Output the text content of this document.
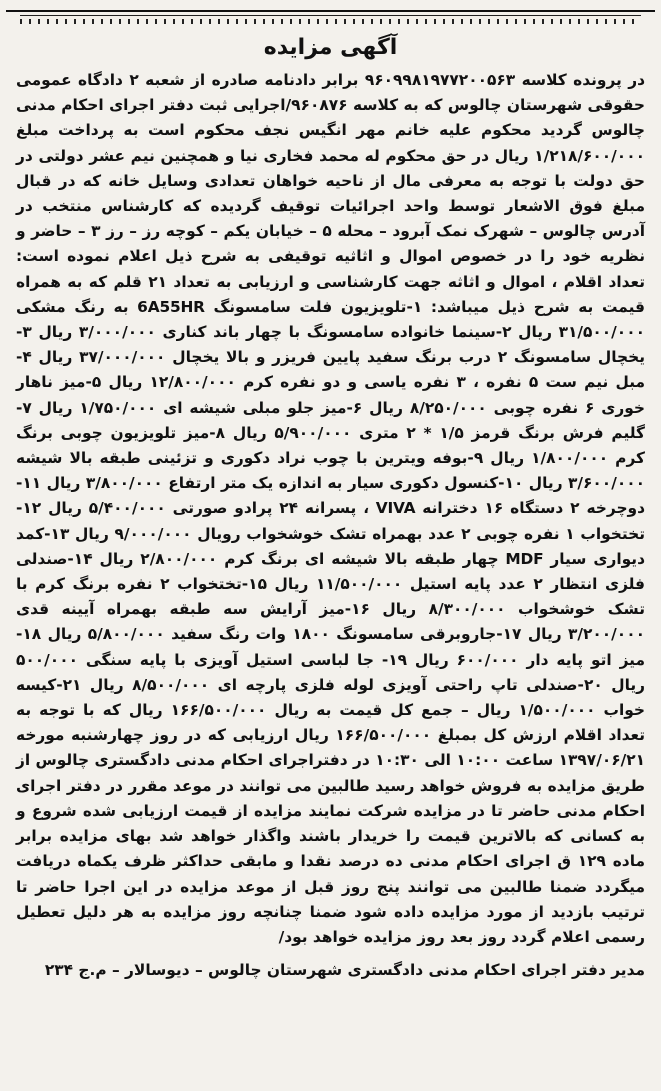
آگهی مزایده

در پرونده کلاسه ۹۶۰۹۹۸۱۹۷۷۲۰۰۵۶۳ برابر دادنامه صادره از شعبه ۲ دادگاه عمومی حقوقی شهرستان چالوس که به کلاسه ۹۶۰۸۷۶/اجرایی ثبت دفتر اجرای احکام مدنی چالوس گردید محکوم علیه خانم مهر انگیس نجف محکوم است به پرداخت مبلغ ۱/۲۱۸/۶۰۰/۰۰۰ ریال در حق محکوم له محمد فخاری نیا و همچنین نیم عشر دولتی در حق دولت با توجه به معرفی مال از ناحیه خواهان تعدادی وسایل خانه که در قبال مبلغ فوق الاشعار توسط واحد اجرائیات توقیف گردیده که کارشناس منتخب در آدرس چالوس – شهرک نمک آبرود – محله ۵ – خیابان یکم – کوچه رز – رز ۳ – حاضر و نظریه خود را در خصوص اموال و اثاثیه توقیفی به شرح ذیل اعلام نموده است: تعداد اقلام ، اموال و اثاثه جهت کارشناسی و ارزیابی به تعداد ۲۱ قلم که به همراه قیمت به شرح ذیل میباشد: ۱-تلویزیون فلت سامسونگ 6A55HR به رنگ مشکی ۳۱/۵۰۰/۰۰۰ ریال ۲-سینما خانواده سامسونگ با چهار باند کناری ۳/۰۰۰/۰۰۰ ریال ۳-یخچال سامسونگ ۲ درب برنگ سفید پایین فریزر و بالا یخچال ۳۷/۰۰۰/۰۰۰ ریال ۴-مبل نیم ست ۵ نفره ، ۳ نفره یاسی و دو نفره کرم ۱۲/۸۰۰/۰۰۰ ریال ۵-میز ناهار خوری ۶ نفره چوبی ۸/۲۵۰/۰۰۰ ریال ۶-میز جلو مبلی شیشه ای ۱/۷۵۰/۰۰۰ ریال ۷-گلیم فرش برنگ قرمز ۱/۵ * ۲ متری ۵/۹۰۰/۰۰۰ ریال ۸-میز تلویزیون چوبی برنگ کرم ۱/۸۰۰/۰۰۰ ریال ۹-بوفه ویترین با چوب نراد دکوری و تزئینی طبقه بالا شیشه ۳/۶۰۰/۰۰۰ ریال ۱۰-کنسول دکوری سیار به اندازه یک متر ارتفاع ۳/۸۰۰/۰۰۰ ریال ۱۱-دوچرخه ۲ دستگاه ۱۶ دخترانه VIVA ، پسرانه ۲۴ پرادو صورتی ۵/۴۰۰/۰۰۰ ریال ۱۲-تختخواب ۱ نفره چوبی ۲ عدد بهمراه تشک خوشخواب رویال ۹/۰۰۰/۰۰۰ ریال ۱۳-کمد دیواری سیار MDF چهار طبقه بالا شیشه ای برنگ کرم ۲/۸۰۰/۰۰۰ ریال ۱۴-صندلی فلزی انتظار ۲ عدد پایه استیل ۱۱/۵۰۰/۰۰۰ ریال ۱۵-تختخواب ۲ نفره برنگ کرم با تشک خوشخواب ۸/۳۰۰/۰۰۰ ریال ۱۶-میز آرایش سه طبقه بهمراه آیینه قدی ۳/۲۰۰/۰۰۰ ریال ۱۷-جاروبرقی سامسونگ ۱۸۰۰ وات رنگ سفید ۵/۸۰۰/۰۰۰ ریال ۱۸-میز اتو پایه دار ۶۰۰/۰۰۰ ریال ۱۹- جا لباسی استیل آویزی با پایه سنگی ۵۰۰/۰۰۰ ریال ۲۰-صندلی تاپ راحتی آویزی لوله فلزی پارچه ای ۸/۵۰۰/۰۰۰ ریال ۲۱-کیسه خواب ۱/۵۰۰/۰۰۰ ریال – جمع کل قیمت به ریال ۱۶۶/۵۰۰/۰۰۰ ریال که با توجه به تعداد اقلام ارزش کل بمبلغ ۱۶۶/۵۰۰/۰۰۰ ریال ارزیابی که در روز چهارشنبه مورخه ۱۳۹۷/۰۶/۲۱ ساعت ۱۰:۰۰ الی ۱۰:۳۰ در دفتراجرای احکام مدنی دادگستری چالوس از طریق مزایده به فروش خواهد رسید طالبین می توانند در موعد مقرر در دفتر اجرای احکام مدنی حاضر تا در مزایده شرکت نمایند مزایده از قیمت ارزیابی شده شروع و به کسانی که بالاترین قیمت را خریدار باشند واگذار خواهد شد بهای مزایده برابر ماده ۱۲۹ ق اجرای احکام مدنی ده درصد نقدا و مابقی حداکثر ظرف یکماه دریافت میگردد ضمنا طالبین می توانند پنج روز قبل از موعد مزایده در این اجرا حاضر تا ترتیب بازدید از مورد مزایده داده شود ضمنا چنانچه روز مزایده به هر دلیل تعطیل رسمی اعلام گردد روز بعد روز مزایده خواهد بود/

مدیر دفتر اجرای احکام مدنی دادگستری شهرستان چالوس – دیوسالار – م.ج ۲۳۴
